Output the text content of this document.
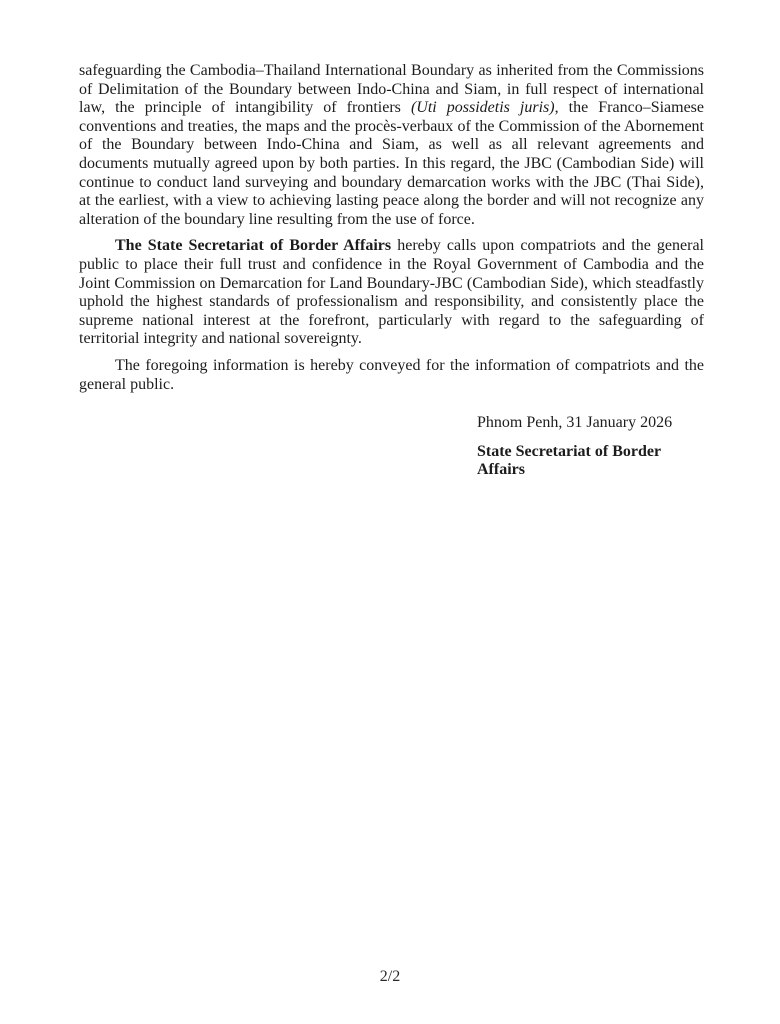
safeguarding the Cambodia–Thailand International Boundary as inherited from the Commissions of Delimitation of the Boundary between Indo-China and Siam, in full respect of international law, the principle of intangibility of frontiers (Uti possidetis juris), the Franco–Siamese conventions and treaties, the maps and the procès-verbaux of the Commission of the Abornement of the Boundary between Indo-China and Siam, as well as all relevant agreements and documents mutually agreed upon by both parties. In this regard, the JBC (Cambodian Side) will continue to conduct land surveying and boundary demarcation works with the JBC (Thai Side), at the earliest, with a view to achieving lasting peace along the border and will not recognize any alteration of the boundary line resulting from the use of force.

The State Secretariat of Border Affairs hereby calls upon compatriots and the general public to place their full trust and confidence in the Royal Government of Cambodia and the Joint Commission on Demarcation for Land Boundary-JBC (Cambodian Side), which steadfastly uphold the highest standards of professionalism and responsibility, and consistently place the supreme national interest at the forefront, particularly with regard to the safeguarding of territorial integrity and national sovereignty.

The foregoing information is hereby conveyed for the information of compatriots and the general public.

Phnom Penh, 31 January 2026

State Secretariat of Border Affairs

2/2
